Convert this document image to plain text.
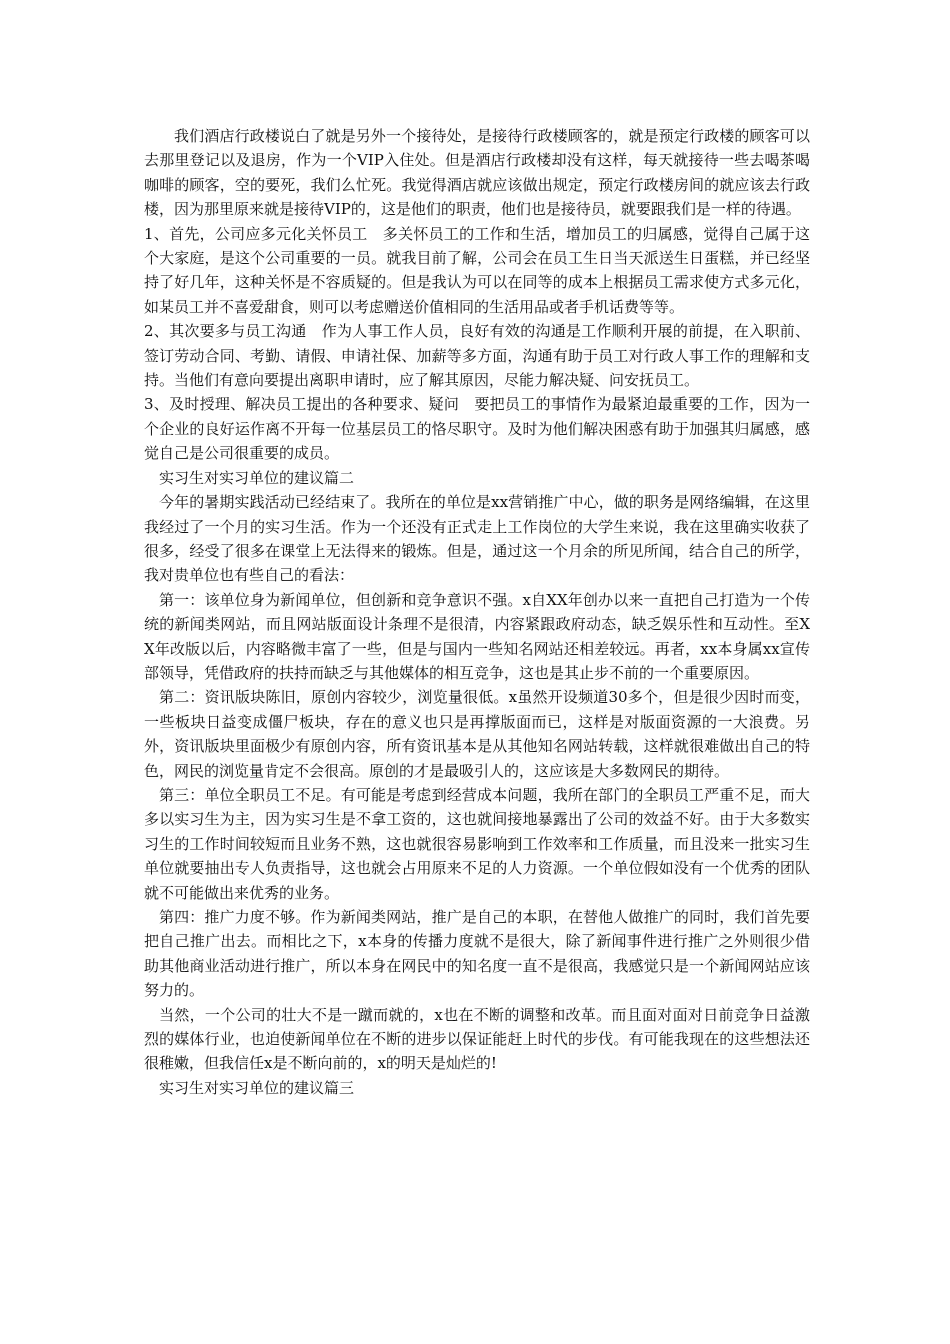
我们酒店行政楼说白了就是另外一个接待处，是接待行政楼顾客的，就是预定行政楼的顾客可以去那里登记以及退房，作为一个VIP入住处。但是酒店行政楼却没有这样，每天就接待一些去喝茶喝咖啡的顾客，空的要死，我们么忙死。我觉得酒店就应该做出规定，预定行政楼房间的就应该去行政楼，因为那里原来就是接待VIP的，这是他们的职责，他们也是接待员，就要跟我们是一样的待遇。

1、首先，公司应多元化关怀员工　多关怀员工的工作和生活，增加员工的归属感，觉得自己属于这个大家庭，是这个公司重要的一员。就我目前了解，公司会在员工生日当天派送生日蛋糕，并已经坚持了好几年，这种关怀是不容质疑的。但是我认为可以在同等的成本上根据员工需求使方式多元化，如某员工并不喜爱甜食，则可以考虑赠送价值相同的生活用品或者手机话费等等。

2、其次要多与员工沟通　作为人事工作人员，良好有效的沟通是工作顺利开展的前提，在入职前、签订劳动合同、考勤、请假、申请社保、加薪等多方面，沟通有助于员工对行政人事工作的理解和支持。当他们有意向要提出离职申请时，应了解其原因，尽能力解决疑、问安抚员工。

3、及时授理、解决员工提出的各种要求、疑问　要把员工的事情作为最紧迫最重要的工作，因为一个企业的良好运作离不开每一位基层员工的恪尽职守。及时为他们解决困惑有助于加强其归属感，感觉自己是公司很重要的成员。

实习生对实习单位的建议篇二

今年的暑期实践活动已经结束了。我所在的单位是xx营销推广中心，做的职务是网络编辑，在这里我经过了一个月的实习生活。作为一个还没有正式走上工作岗位的大学生来说，我在这里确实收获了很多，经受了很多在课堂上无法得来的锻炼。但是，通过这一个月余的所见所闻，结合自己的所学，我对贵单位也有些自己的看法：

第一：该单位身为新闻单位，但创新和竞争意识不强。x自XX年创办以来一直把自己打造为一个传统的新闻类网站，而且网站版面设计条理不是很清，内容紧跟政府动态，缺乏娱乐性和互动性。至XX年改版以后，内容略微丰富了一些，但是与国内一些知名网站还相差较远。再者，xx本身属xx宣传部领导，凭借政府的扶持而缺乏与其他媒体的相互竞争，这也是其止步不前的一个重要原因。

第二：资讯版块陈旧，原创内容较少，浏览量很低。x虽然开设频道30多个，但是很少因时而变，一些板块日益变成僵尸板块，存在的意义也只是再撑版面而已，这样是对版面资源的一大浪费。另外，资讯版块里面极少有原创内容，所有资讯基本是从其他知名网站转载，这样就很难做出自己的特色，网民的浏览量肯定不会很高。原创的才是最吸引人的，这应该是大多数网民的期待。

第三：单位全职员工不足。有可能是考虑到经营成本问题，我所在部门的全职员工严重不足，而大多以实习生为主，因为实习生是不拿工资的，这也就间接地暴露出了公司的效益不好。由于大多数实习生的工作时间较短而且业务不熟，这也就很容易影响到工作效率和工作质量，而且没来一批实习生单位就要抽出专人负责指导，这也就会占用原来不足的人力资源。一个单位假如没有一个优秀的团队就不可能做出来优秀的业务。

第四：推广力度不够。作为新闻类网站，推广是自己的本职，在替他人做推广的同时，我们首先要把自己推广出去。而相比之下，x本身的传播力度就不是很大，除了新闻事件进行推广之外则很少借助其他商业活动进行推广，所以本身在网民中的知名度一直不是很高，我感觉只是一个新闻网站应该努力的。

当然，一个公司的壮大不是一蹴而就的，x也在不断的调整和改革。而且面对面对日前竞争日益激烈的媒体行业，也迫使新闻单位在不断的进步以保证能赶上时代的步伐。有可能我现在的这些想法还很稚嫩，但我信任x是不断向前的，x的明天是灿烂的!

实习生对实习单位的建议篇三
